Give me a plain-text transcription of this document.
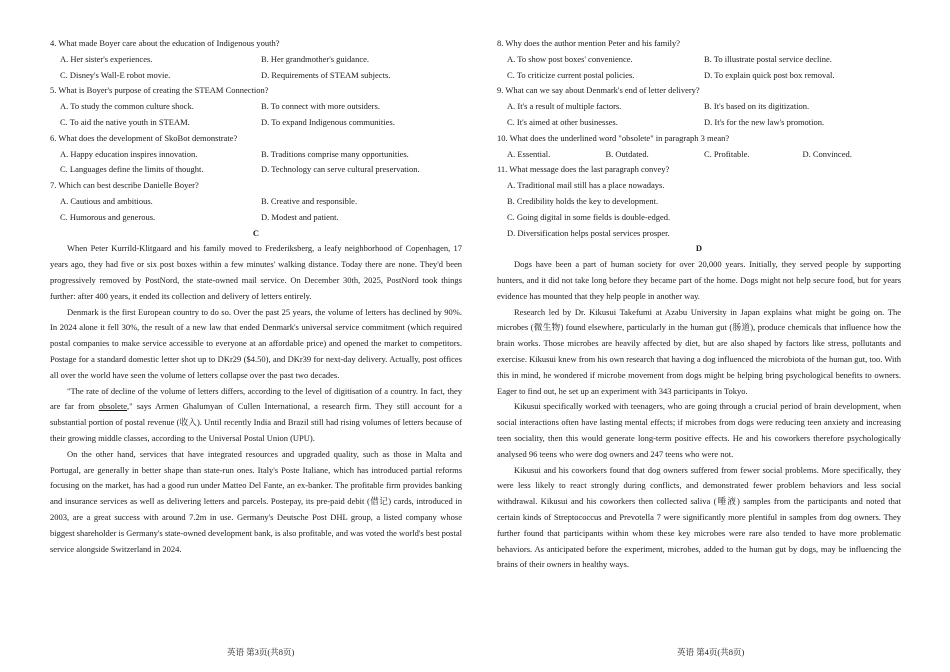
4. What made Boyer care about the education of Indigenous youth?
A. Her sister's experiences.	B. Her grandmother's guidance.
C. Disney's Wall-E robot movie.	D. Requirements of STEAM subjects.
5. What is Boyer's purpose of creating the STEAM Connection?
A. To study the common culture shock.	B. To connect with more outsiders.
C. To aid the native youth in STEAM.	D. To expand Indigenous communities.
6. What does the development of SkoBot demonstrate?
A. Happy education inspires innovation.	B. Traditions comprise many opportunities.
C. Languages define the limits of thought.	D. Technology can serve cultural preservation.
7. Which can best describe Danielle Boyer?
A. Cautious and ambitious.	B. Creative and responsible.
C. Humorous and generous.	D. Modest and patient.
C

When Peter Kurrild-Klitgaard and his family moved to Frederiksberg, a leafy neighborhood of Copenhagen, 17 years ago, they had five or six post boxes within a few minutes' walking distance. Today there are none. They'd been progressively removed by PostNord, the state-owned mail service. On December 30th, 2025, PostNord took things further: after 400 years, it ended its collection and delivery of letters entirely.

Denmark is the first European country to do so. Over the past 25 years, the volume of letters has declined by 90%. In 2024 alone it fell 30%, the result of a new law that ended Denmark's universal service commitment (which required postal companies to make service accessible to everyone at an affordable price) and opened the market to competitors. Postage for a standard domestic letter shot up to DKr29 ($4.50), and DKr39 for next-day delivery. Actually, post offices all over the world have seen the volume of letters collapse over the past two decades.

"The rate of decline of the volume of letters differs, according to the level of digitisation of a country. In fact, they are far from obsolete," says Armen Ghalumyan of Cullen International, a research firm. They still account for a substantial portion of postal revenue (收入). Until recently India and Brazil still had rising volumes of letters because of their growing middle classes, according to the Universal Postal Union (UPU).

On the other hand, services that have integrated resources and upgraded quality, such as those in Malta and Portugal, are generally in better shape than state-run ones. Italy's Poste Italiane, which has introduced partial reforms focusing on the market, has had a good run under Matteo Del Fante, an ex-banker. The profitable firm provides banking and insurance services as well as delivering letters and parcels. Postepay, its pre-paid debit (借记) cards, introduced in 2003, are a great success with around 7.2m in use. Germany's Deutsche Post DHL group, a listed company whose biggest shareholder is Germany's state-owned development bank, is also profitable, and was voted the world's best postal service alongside Switzerland in 2024.

8. Why does the author mention Peter and his family?
A. To show post boxes' convenience.	B. To illustrate postal service decline.
C. To criticize current postal policies.	D. To explain quick post box removal.
9. What can we say about Denmark's end of letter delivery?
A. It's a result of multiple factors.	B. It's based on its digitization.
C. It's aimed at other businesses.	D. It's for the new law's promotion.
10. What does the underlined word "obsolete" in paragraph 3 mean?
A. Essential.	B. Outdated.	C. Profitable.	D. Convinced.
11. What message does the last paragraph convey?
A. Traditional mail still has a place nowadays.
B. Credibility holds the key to development.
C. Going digital in some fields is double-edged.
D. Diversification helps postal services prosper.
D

Dogs have been a part of human society for over 20,000 years. Initially, they served people by supporting hunters, and it did not take long before they became part of the home. Dogs might not help secure food, but for years evidence has mounted that they help people in another way.

Research led by Dr. Kikusui Takefumi at Azabu University in Japan explains what might be going on. The microbes (微生物) found elsewhere, particularly in the human gut (肠道), produce chemicals that influence how the brain works. Those microbes are heavily affected by diet, but are also shaped by factors like stress, pollutants and exercise. Kikusui knew from his own research that having a dog influenced the microbiota of the human gut, too. With this in mind, he wondered if microbe movement from dogs might be helping bring psychological benefits to owners. Eager to find out, he set up an experiment with 343 participants in Tokyo.

Kikusui specifically worked with teenagers, who are going through a crucial period of brain development, when social interactions often have lasting mental effects; if microbes from dogs were reducing teen anxiety and increasing teen sociality, then this would generate long-term positive effects. He and his coworkers therefore psychologically analysed 96 teens who were dog owners and 247 teens who were not.

Kikusui and his coworkers found that dog owners suffered from fewer social problems. More specifically, they were less likely to react strongly during conflicts, and demonstrated fewer problem behaviors and less social withdrawal. Kikusui and his coworkers then collected saliva (唾液) samples from the participants and noted that certain kinds of Streptococcus and Prevotella 7 were significantly more plentiful in samples from dog owners. They further found that participants within whom these key microbes were rare also tended to have more problematic behaviors. As anticipated before the experiment, microbes, added to the human gut by dogs, may be influencing the brains of their owners in healthy ways.

英语 第3页(共8页)	英语 第4页(共8页)
